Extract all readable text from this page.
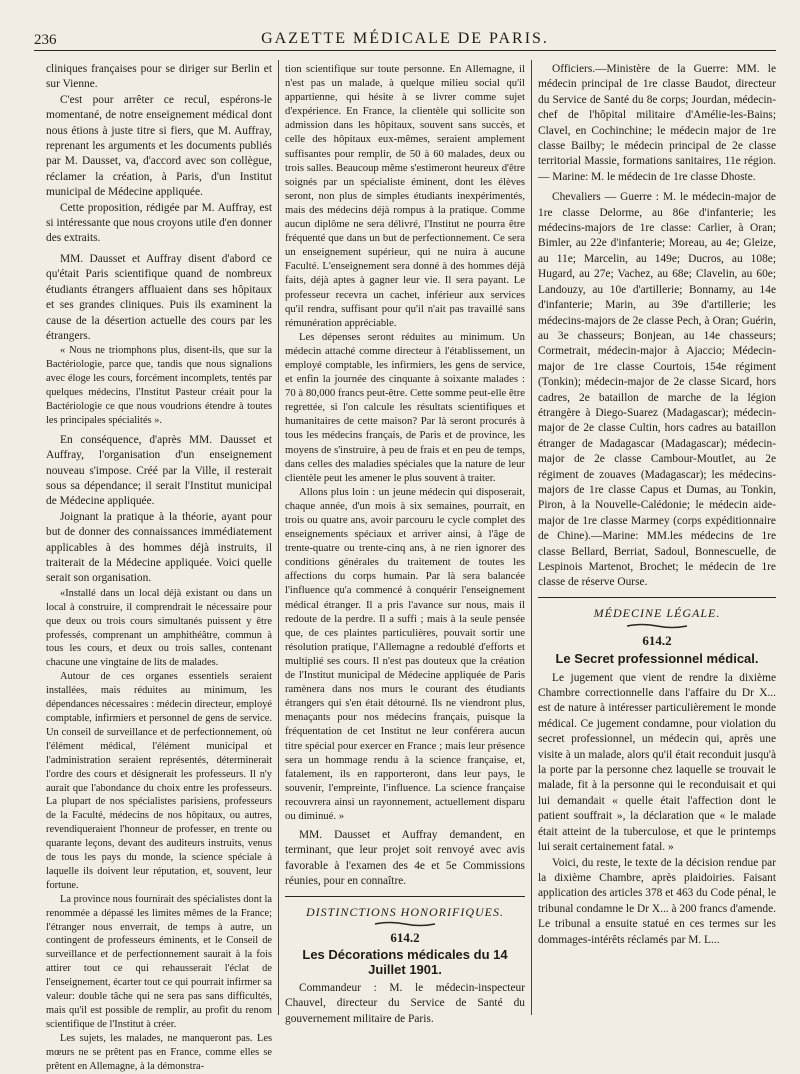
236	GAZETTE MÉDICALE DE PARIS.

cliniques françaises pour se diriger sur Berlin et sur Vienne.

C'est pour arrêter ce recul, espérons-le momentané, de notre enseignement médical dont nous étions à juste titre si fiers, que M. Auffray, reprenant les arguments et les documents publiés par M. Dausset, va, d'accord avec son collègue, réclamer la création, à Paris, d'un Institut municipal de Médecine appliquée.

Cette proposition, rédigée par M. Auffray, est si intéressante que nous croyons utile d'en donner des extraits.

MM. Dausset et Auffray disent d'abord ce qu'était Paris scientifique quand de nombreux étudiants étrangers affluaient dans ses hôpitaux et ses grandes cliniques. Puis ils examinent la cause de la désertion actuelle des cours par les étrangers.

« Nous ne triomphons plus, disent-ils, que sur la Bactériologie, parce que, tandis que nous signalions avec éloge les cours, forcément incomplets, tentés par quelques médecins, l'Institut Pasteur créait pour la Bactériologie ce que nous voudrions étendre à toutes les principales spécialités ».

En conséquence, d'après MM. Dausset et Auffray, l'organisation d'un enseignement nouveau s'impose. Créé par la Ville, il resterait sous sa dépendance; il serait l'Institut municipal de Médecine appliquée.

Joignant la pratique à la théorie, ayant pour but de donner des connaissances immédiatement applicables à des hommes déjà instruits, il traiterait de la Médecine appliquée. Voici quelle serait son organisation.

«Installé dans un local déjà existant ou dans un local à construire, il comprendrait le nécessaire pour que deux ou trois cours simultanés puissent y être professés, comprenant un amphithéâtre, commun à tous les cours, et deux ou trois salles, contenant chacune une vingtaine de lits de malades.

Autour de ces organes essentiels seraient installées, mais réduites au minimum, les dépendances nécessaires : médecin directeur, employé comptable, infirmiers et personnel de gens de service. Un conseil de surveillance et de perfectionnement, où l'élément médical, l'élément municipal et l'administration seraient représentés, déterminerait l'ordre des cours et désignerait les professeurs. Il n'y aurait que l'abondance du choix entre les professeurs. La plupart de nos spécialistes parisiens, professeurs de la Faculté, médecins de nos hôpitaux, ou autres, revendiqueraient l'honneur de professer, en trente ou quarante leçons, devant des auditeurs instruits, venus de tous les pays du monde, la science spéciale à laquelle ils doivent leur réputation, et, souvent, leur fortune.

La province nous fournirait des spécialistes dont la renommée a dépassé les limites mêmes de la France; l'étranger nous enverrait, de temps à autre, un contingent de professeurs éminents, et le Conseil de surveillance et de perfectionnement saurait à la fois attirer tout ce qui rehausserait l'éclat de l'enseignement, écarter tout ce qui pourrait infirmer sa valeur: double tâche qui ne sera pas sans difficultés, mais qu'il est possible de remplir, au profit du renom scientifique de l'Institut à créer.

Les sujets, les malades, ne manqueront pas. Les mœurs ne se prêtent pas en France, comme elles se prêtent en Allemagne, à la démonstra-

tion scientifique sur toute personne. En Allemagne, il n'est pas un malade, à quelque milieu social qu'il appartienne, qui hésite à se livrer comme sujet d'expérience. En France, la clientèle qui sollicite son admission dans les hôpitaux, souvent sans succès, et celle des hôpitaux eux-mêmes, seraient amplement suffisantes pour remplir, de 50 à 60 malades, deux ou trois salles. Beaucoup même s'estimeront heureux d'être soignés par un spécialiste éminent, dont les élèves seront, non plus de simples étudiants inexpérimentés, mais des médecins déjà rompus à la pratique. Comme aucun diplôme ne sera délivré, l'Institut ne pourra être fréquenté que dans un but de perfectionnement. Ce sera un enseignement supérieur, qui ne nuira à aucune Faculté. L'enseignement sera donné à des hommes déjà faits, déjà aptes à gagner leur vie. Il sera payant. Le professeur recevra un cachet, inférieur aux services qu'il rendra, suffisant pour qu'il n'ait pas travaillé sans rémunération appréciable.

Les dépenses seront réduites au minimum. Un médecin attaché comme directeur à l'établissement, un employé comptable, les infirmiers, les gens de service, et enfin la journée des cinquante à soixante malades : 70 à 80,000 francs peut-être. Cette somme peut-elle être regrettée, si l'on calcule les résultats scientifiques et humanitaires de cette maison? Par là seront procurés à tous les médecins français, de Paris et de province, les moyens de s'instruire, à peu de frais et en peu de temps, dans celles des maladies spéciales que la nature de leur clientèle peut les amener le plus souvent à traiter.

Allons plus loin : un jeune médecin qui disposerait, chaque année, d'un mois à six semaines, pourrait, en trois ou quatre ans, avoir parcouru le cycle complet des enseignements spéciaux et arriver ainsi, à l'âge de trente-quatre ou trente-cinq ans, à ne rien ignorer des conditions générales du traitement de toutes les affections du corps humain. Par là sera balancée l'influence qu'a commencé à conquérir l'enseignement médical étranger. Il a pris l'avance sur nous, mais il redoute de la perdre. Il a suffi ; mais à la seule pensée que, de ces plaintes particulières, pouvait sortir une résolution pratique, l'Allemagne a redoublé d'efforts et multiplié ses cours. Il n'est pas douteux que la création de l'Institut municipal de Médecine appliquée de Paris ramènera dans nos murs le courant des étudiants étrangers qui s'en était détourné. Ils ne viendront plus, menaçants pour nos médecins français, puisque la fréquentation de cet Institut ne leur conférera aucun titre spécial pour exercer en France ; mais leur présence sera un hommage rendu à la science française, et, fatalement, ils en rapporteront, dans leur pays, le souvenir, l'empreinte, l'influence. La science française recouvrera ainsi un rayonnement, actuellement disparu ou diminué. »

MM. Dausset et Auffray demandent, en terminant, que leur projet soit renvoyé avec avis favorable à l'examen des 4e et 5e Commissions réunies, pour en connaître.

DISTINCTIONS HONORIFIQUES.
614.2
Les Décorations médicales du 14 Juillet 1901.

Commandeur : M. le médecin-inspecteur Chauvel, directeur du Service de Santé du gouvernement militaire de Paris.

Officiers.—Ministère de la Guerre: MM. le médecin principal de 1re classe Baudot, directeur du Service de Santé du 8e corps; Jourdan, médecin-chef de l'hôpital militaire d'Amélie-les-Bains; Clavel, en Cochinchine; le médecin major de 1re classe Bailby; le médecin principal de 2e classe territorial Massie, formations sanitaires, 11e région.— Marine: M. le médecin de 1re classe Dhoste.

Chevaliers — Guerre : M. le médecin-major de 1re classe Delorme, au 86e d'infanterie; les médecins-majors de 1re classe: Carlier, à Oran; Bimler, au 22e d'infanterie; Moreau, au 4e; Gleize, au 11e; Marcelin, au 149e; Ducros, au 108e; Hugard, au 27e; Vachez, au 68e; Clavelin, au 60e; Landouzy, au 10e d'artillerie; Bonnamy, au 14e d'infanterie; Marin, au 39e d'artillerie; les médecins-majors de 2e classe Pech, à Oran; Guérin, au 3e chasseurs; Bonjean, au 14e chasseurs; Cormetrait, médecin-major à Ajaccio; Médecin-major de 1re classe Courtois, 154e régiment (Tonkin); médecin-major de 2e classe Sicard, hors cadres, 2e bataillon de marche de la légion étrangère à Diego-Suarez (Madagascar); médecin-major de 2e classe Cultin, hors cadres au bataillon étranger de Madagascar (Madagascar); médecin-major de 2e classe Cambour-Moutlet, au 2e régiment de zouaves (Madagascar); les médecins-majors de 1re classe Capus et Dumas, au Tonkin, Piron, à la Nouvelle-Calédonie; le médecin aide-major de 1re classe Marmey (corps expéditionnaire de Chine).—Marine: MM.les médecins de 1re classe Bellard, Berriat, Sadoul, Bonnescuelle, de Lespinois Martenot, Brochet; le médecin de 1re classe de réserve Ourse.

MÉDECINE LÉGALE.
614.2
Le Secret professionnel médical.

Le jugement que vient de rendre la dixième Chambre correctionnelle dans l'affaire du Dr X... est de nature à intéresser particulièrement le monde médical. Ce jugement condamne, pour violation du secret professionnel, un médecin qui, après une visite à un malade, alors qu'il était reconduit jusqu'à la porte par la personne chez laquelle se trouvait le malade, fit à la personne qui le reconduisait et qui lui demandait « quelle était l'affection dont le patient souffrait », la déclaration que « le malade était atteint de la tuberculose, et que le printemps lui serait certainement fatal. »

Voici, du reste, le texte de la décision rendue par la dixième Chambre, après plaidoiries. Faisant application des articles 378 et 463 du Code pénal, le tribunal condamne le Dr X... à 200 francs d'amende. Le tribunal a ensuite statué en ces termes sur les dommages-intérêts réclamés par M. L...
